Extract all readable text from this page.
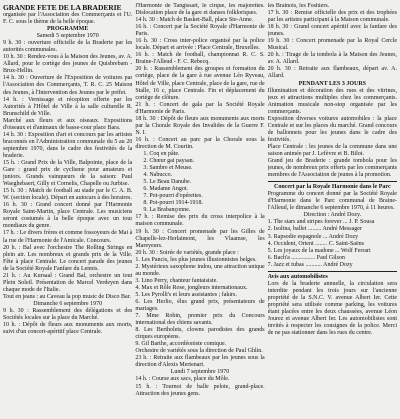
GRANDE FETE DE LA BRADERIE

organisée par l'Association des Commerçants et l'U. F. C. sous le thème de la belle époque.

PROGRAMME

Samedi 5 septembre 1970

9 h. 30 : ouverture officielle de la Braderie par les autorités communales.

10 h. 30 : Rendez-vous à la Maison des Jeunes, av. A. Allard, pour le cortège des jeunes de Quisbrebam - Brux-Hellin.

14 h. 30 : Ouverture de l'Exposition de voitures par l'Association des Commerçants, T. R. C. 25 Maison des Jeunes, à l'Intervention des Jeunes par le préfet.

14 h. : Vernissage et réception offerte par les Autorités à l'Hôtel de Ville à la salle culturelle R. Brunschild de Ville.

Marché aux fleurs et aux oiseaux. Expositions d'oiseaux et d'animaux de basse-cour place Bara.

14 h. 30 : Exposition d'art et concours par les artistes braconnés en l'Administration communale du 5 au 20 septembre 1970, dans le cadre des festivités de la braderie.

15 h. : Grand Prix de la Ville, Balpointe, place de la Gare : grand prix de cyclisme pour amateurs et juniors. Grands vainqueurs de la saison: Paul Waeghebaert, Gilly et Cornelis, Chapelle ou Jurbise.

15 h. 30 : Match de football au stade par le C. A. B. W. (section locale). Départ en autocars à des horaires.

16 h. 30 : Grand concert donné par l'Harmonie Royale Saint-Martin, place Centrale. Les musiciens seront costumés à la belle époque avec un tour mondiaux du genre.

17 h. : Le divers frères et comme fossoyeurs de Mai à la rue de l'Harmonie de l'Amicale. Concours.

20 h. : Bal avec l'orchestre The Rolling Strings en plein air. Les nombreux et grands prix de la Ville. Fête à place Centrale. Le concert parade des jeunes de la Société Royale Fanfare du Lennis.

21 h. : Au Kursaal : Grand Bal, orchestre un tout Plein Soleil. Présentation de Marcel Verdeyen dans chaque mode de l'Italie.

Tout en jeans : au Caveau la pop music de Disco Bar.

Dimanche 6 septembre 1970

9 h. 30 : Rassemblement des délégations et des Sociétés locales sur la place du Marché.

10 h. : Dépôt de fleurs aux monuments aux morts, suivi d'un concert-apéritif place Centrale.

l'Harmonie de Tangissart, le cirque, les majorettes. Dislocation place de la gare et danses folkloriques.

14 h. 30 : Match de Basket-Ball, place Ste-Anne.

16 h. : Concert par la Société Royale d'Harmonie de Paris.

16 h. 30 : Cross inter-police organisé par la police locale. Départ et arrivée : Place Centrale, Bruxelles.

16 h. : Match de football, championnat R. C. S. Braine-l'Alleud - F. C. Rebecq.

20 h. : Rassemblement des groupes et formation du cortège, place de la gare à rue avenue Léo Ryveau, Hôtel de Ville, place Centrale, place de la gare, rue de Stalle, 16 c, place Centrale. Fin et déplacement du cortège de clôture.

21 h. : Concert de gala par la Société Royale d'Harmonie de Paris.

18 h. 30 : Dépôt de fleurs aux monuments aux morts par la Chorale Royale des Invalides de la Guerre F. N. I.

16 h. : Concert au parc par la Chorale sous la direction de M. Courtin.

1. Coq en pâte.
2. Chœur gai paysan.
3. Sambre et Meuse.
4. Nabucco.
5. Le Beau Danube.
6. Madame Angot.
7. Pot-pourri d'opérettes.
8. Pot-pourri 1914-1918.
9. La Brabançonne.

17 h. : Remise des prix du cross interpolice à la maison communale.

19 h. 30 : Concert promenade par les Gilles de Chapelle-lez-Herlaimont, les Vlaamse, les Mareyeurs.

20 h. 30 : Soirée de variétés, grande place :

1. Les Pancis, les plus jeunes illusionnistes belges.

2. Mystérieux saxophone indou, une attraction unique au monde.

3. Lino Perry, chanteur fantaisiste.

4. Max et Rôle Rose, jongleurs internationaux.

5. Les Pyrolli's et leurs assistantes ; fakirs.

6. Les Herlio, élus grand prix, présentateurs de mariages.

7. Mme Robin, premier prix du Concours international des chiens savants.

8. Les Bertholets, clowns parodistes des grands cirques européens.

9. Gil Barthe, accordéoniste comique.

Orchestre de variétés sous la direction de Paul Ghlin.

23 h. : Retraite aux flambeaux par les jeunes sous la direction d'Alexis Mertenart.

Lundi 7 septembre 1970

14 h. : Course aux sacs, place du Môle.

15 h. : Tournoi de balle pelote, grand-place. Attraction des jeunes gens.

les Brainois, les Foshiers.

17 h. 30 : Remise officielle des prix et des trophées par les artistes participant à la Maison communale.

18 h. 30 : Grand concert apéritif avec la fanfare des jeunes.

19 h. 30 : Concert promenade par la Royal Cercle Musical.

20 h. : Tirage de la tombola à la Maison des Jeunes, av. A. Allard.

20 h. 30 : Retraite aux flambeaux, départ av. A. Allard.

PENDANT LES 3 JOURS

Illumination et décoration des rues et des vitrines, jeux et attractions multiples chez les commerçants. Animation musicale non-stop organisée par les commerçants.

Exposition diverses voitures automobiles : la place Centrale et sur les places du marché. Grand concours de ballonnets pour les jeunes dans le cadre des festivités.

Place Centrale : les jeunes de la commune dans une saison animée par J. Lefèvre et B. Bilot.

Grand jeu de Braderie : grande tombola pour les jeunes, de nombreux prix offerts par les commerçants membres de l'Association de jeunes à la promotion.

Concert par la Royale Harmonie dans le Parc

Programme du concert donné par la Société Royale d'Harmonie dans le Parc communal de Braine-l'Alleud, le dimanche 6 septembre 1970, à 11 heures.

Direction : André Dozy.

1. The stars and stripes forever ... J. P. Sousa

2. Isolina, ballet ......... André Messager

3. Rapsodie espagnole ... André Dozy

4. Occident, Orient ........ C. Saint-Saëns

5. Les joyaux de la madone ... Wolf Ferrari

6. Bach'a ................ Paul Gilson

7. Jazz et tubas ........... André Dozy

Avis aux automobilistes

Lors de la braderie annuelle, la circulation sera interdite pendant les trois jours sur l'ancienne propriété de la S.N.C. V. avenue Albert Ier. Cette propriété sera utilisée comme parking, les voitures étant placées entre les deux chaussées, avenue Léon Jourez et avenue Albert Ier. Les automobilistes sont invités à respecter les consignes de la police. Merci de ne pas stationner dans les rues du centre.
